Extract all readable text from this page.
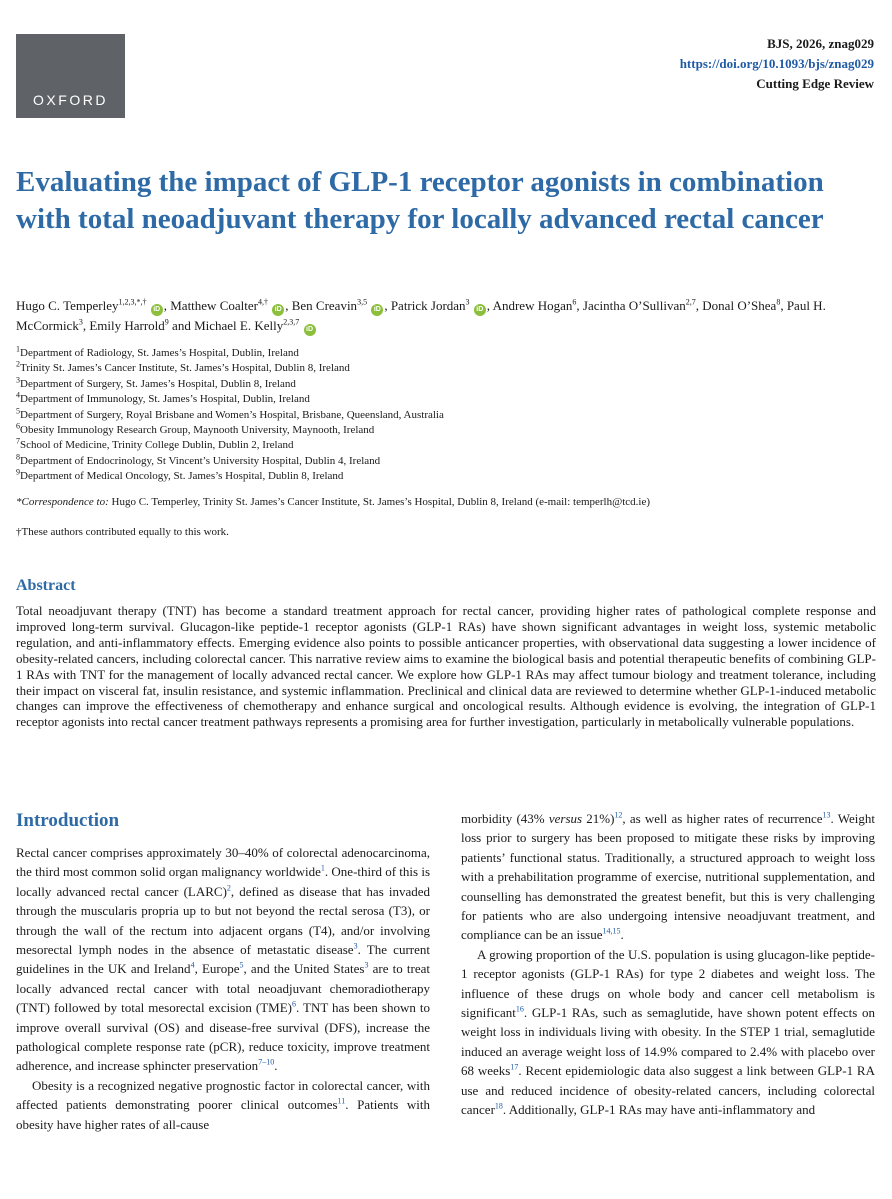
OXFORD
BJS, 2026, znag029
https://doi.org/10.1093/bjs/znag029
Cutting Edge Review
Evaluating the impact of GLP-1 receptor agonists in combination with total neoadjuvant therapy for locally advanced rectal cancer
Hugo C. Temperley$^{1,2,3,*,\dagger}$ iD , Matthew Coalter$^{4,\dagger}$ iD , Ben Creavin$^{3,5}$ iD , Patrick Jordan$^3$ iD , Andrew Hogan$^6$, Jacintha O’Sullivan$^{2,7}$, Donal O’Shea$^8$, Paul H. McCormick$^3$, Emily Harrold$^9$ and Michael E. Kelly$^{2,3,7}$ iD
$^1$Department of Radiology, St. James’s Hospital, Dublin, Ireland
$^2$Trinity St. James’s Cancer Institute, St. James’s Hospital, Dublin 8, Ireland
$^3$Department of Surgery, St. James’s Hospital, Dublin 8, Ireland
$^4$Department of Immunology, St. James’s Hospital, Dublin, Ireland
$^5$Department of Surgery, Royal Brisbane and Women’s Hospital, Brisbane, Queensland, Australia
$^6$Obesity Immunology Research Group, Maynooth University, Maynooth, Ireland
$^7$School of Medicine, Trinity College Dublin, Dublin 2, Ireland
$^8$Department of Endocrinology, St Vincent’s University Hospital, Dublin 4, Ireland
$^9$Department of Medical Oncology, St. James’s Hospital, Dublin 8, Ireland
*Correspondence to: Hugo C. Temperley, Trinity St. James’s Cancer Institute, St. James’s Hospital, Dublin 8, Ireland (e-mail: temperlh@tcd.ie)
†These authors contributed equally to this work.
Abstract

Total neoadjuvant therapy (TNT) has become a standard treatment approach for rectal cancer, providing higher rates of pathological complete response and improved long-term survival. Glucagon-like peptide-1 receptor agonists (GLP-1 RAs) have shown significant advantages in weight loss, systemic metabolic regulation, and anti-inflammatory effects. Emerging evidence also points to possible anticancer properties, with observational data suggesting a lower incidence of obesity-related cancers, including colorectal cancer. This narrative review aims to examine the biological basis and potential therapeutic benefits of combining GLP-1 RAs with TNT for the management of locally advanced rectal cancer. We explore how GLP-1 RAs may affect tumour biology and treatment tolerance, including their impact on visceral fat, insulin resistance, and systemic inflammation. Preclinical and clinical data are reviewed to determine whether GLP-1-induced metabolic changes can improve the effectiveness of chemotherapy and enhance surgical and oncological results. Although evidence is evolving, the integration of GLP-1 receptor agonists into rectal cancer treatment pathways represents a promising area for further investigation, particularly in metabolically vulnerable populations.

Introduction

Rectal cancer comprises approximately 30–40% of colorectal adenocarcinoma, the third most common solid organ malignancy worldwide$^1$. One-third of this is locally advanced rectal cancer (LARC)$^2$, defined as disease that has invaded through the muscularis propria up to but not beyond the rectal serosa (T3), or through the wall of the rectum into adjacent organs (T4), and/or involving mesorectal lymph nodes in the absence of metastatic disease$^3$. The current guidelines in the UK and Ireland$^4$, Europe$^5$, and the United States$^3$ are to treat locally advanced rectal cancer with total neoadjuvant chemoradiotherapy (TNT) followed by total mesorectal excision (TME)$^6$. TNT has been shown to improve overall survival (OS) and disease-free survival (DFS), increase the pathological complete response rate (pCR), reduce toxicity, improve treatment adherence, and increase sphincter preservation$^{7-10}$.

Obesity is a recognized negative prognostic factor in colorectal cancer, with affected patients demonstrating poorer clinical outcomes$^{11}$. Patients with obesity have higher rates of all-cause

morbidity (43% versus 21%)$^{12}$, as well as higher rates of recurrence$^{13}$. Weight loss prior to surgery has been proposed to mitigate these risks by improving patients’ functional status. Traditionally, a structured approach to weight loss with a prehabilitation programme of exercise, nutritional supplementation, and counselling has demonstrated the greatest benefit, but this is very challenging for patients who are also undergoing intensive neoadjuvant treatment, and compliance can be an issue$^{14,15}$.

A growing proportion of the U.S. population is using glucagon-like peptide-1 receptor agonists (GLP-1 RAs) for type 2 diabetes and weight loss. The influence of these drugs on whole body and cancer cell metabolism is significant$^{16}$. GLP-1 RAs, such as semaglutide, have shown potent effects on weight loss in individuals living with obesity. In the STEP 1 trial, semaglutide induced an average weight loss of 14.9% compared to 2.4% with placebo over 68 weeks$^{17}$. Recent epidemiologic data also suggest a link between GLP-1 RA use and reduced incidence of obesity-related cancers, including colorectal cancer$^{18}$. Additionally, GLP-1 RAs may have anti-inflammatory and
